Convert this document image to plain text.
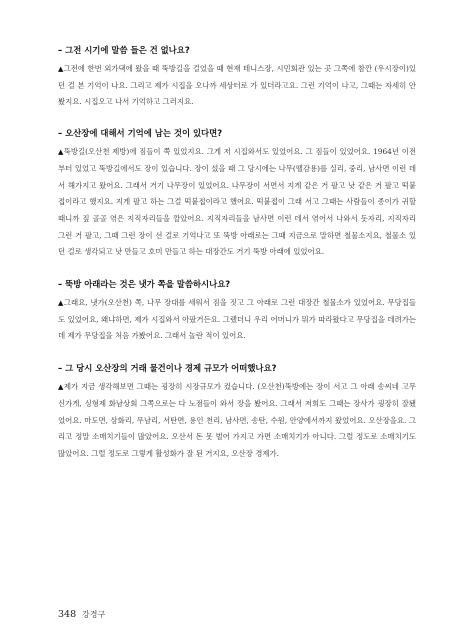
– 그전 시기에 말씀 들은 건 없나요?

▲그전에 한번 외가댁에 왔을 때 뚝방길을 걸었을 때 현재 테니스장, 시민회관 있는 곳 그쪽에 참깐 (우시장이)있던 걸 본 기억이 나요. 그리고 제가 시집을 오나까 세상터로 가 있더라고요. 그런 기억이 나고, 그때는 자세히 안 봤지요. 시집오고 나서 기억하고 그러지요.

– 오산장에 대해서 기억에 남는 것이 있다면?

▲뚝방길(오산천 제방)에 짐들이 쭉 있었지요. 그게 저 시집와서도 있었어요. 그 짐들이 있었어요. 1964년 이전부터 있었고 뚝방길에서도 장이 있습니다. 장이 섰을 때 그 당시에는 나무(땔감용)를 실리, 중리, 남사면 이런 데서 해가지고 왔어요. 그래서 거기 나무장이 있었어요. 나무장이 서면서 지게 같은 거 팔고 낫 같은 거 팔고 떡붙접이라고 했지요. 지게 팔고 하는 그걸 떡붙접이라고 했어요. 떡붙접이 그래 서고 그때는 사람들이 종이가 귀할 때니까 짚 골골 엮은 지직자리들을 깔았어요. 지직자리들을 남사면 이런 데서 엮어서 나와서 돗자리, 지직자리 그런 거 팔고, 그때 그런 장이 선 걸로 기억나고 또 뚝방 아래로는 그때 지금으로 말하면 철물소지요, 철물소 있던 걸로 생각되고 낫 만들고 호미 만들고 하는 대장간도 거기 뚝방 아래에 있었어요.

– 뚝방 아래라는 것은 냇가 쪽을 말씀하시나요?

▲그래요, 냇가(오산천) 쪽, 나무 장대를 세워서 짐을 짓고 그 아래로 그런 대장간 철물소가 있었어요. 무당집들도 있었어요, 왜냐하면, 제가 시집와서 아팠거든요. 그랬더니 우리 어머니가 뭐가 따라왔다고 무당집을 데려가는데 제가 무당집을 처음 가봤어요. 그래서 놀란 적이 있어요.

– 그 당시 오산장의 거래 물건이나 경제 규모가 어떠했나요?

▲제가 지금 생각해보면 그때는 굉장히 시장규모가 컸습니다. (오산천)뚝방에는 장이 서고 그 아래 송씨네 고무신가게, 싱형제 화남상회 그쪽으로는 다 노점들이 와서 장을 봤어요. 그래서 저희도 그때는 장사가 굉장히 잘됐었어요. 마도면, 삼화리, 무남리, 서탄면, 용인 천리, 남사면, 송탄, 수원, 안양에서까지 왔었어요. 오산장을요. 그리고 정말 소매치기들이 많았어요. 오산서 돈 못 벌어 가지고 가면 소매치기가 아니다. 그럴 정도로 소매치기도 많았어요. 그럴 정도로 그렇게 활성화가 잘 된 거지요, 오산장 경제가.

348 강경구
